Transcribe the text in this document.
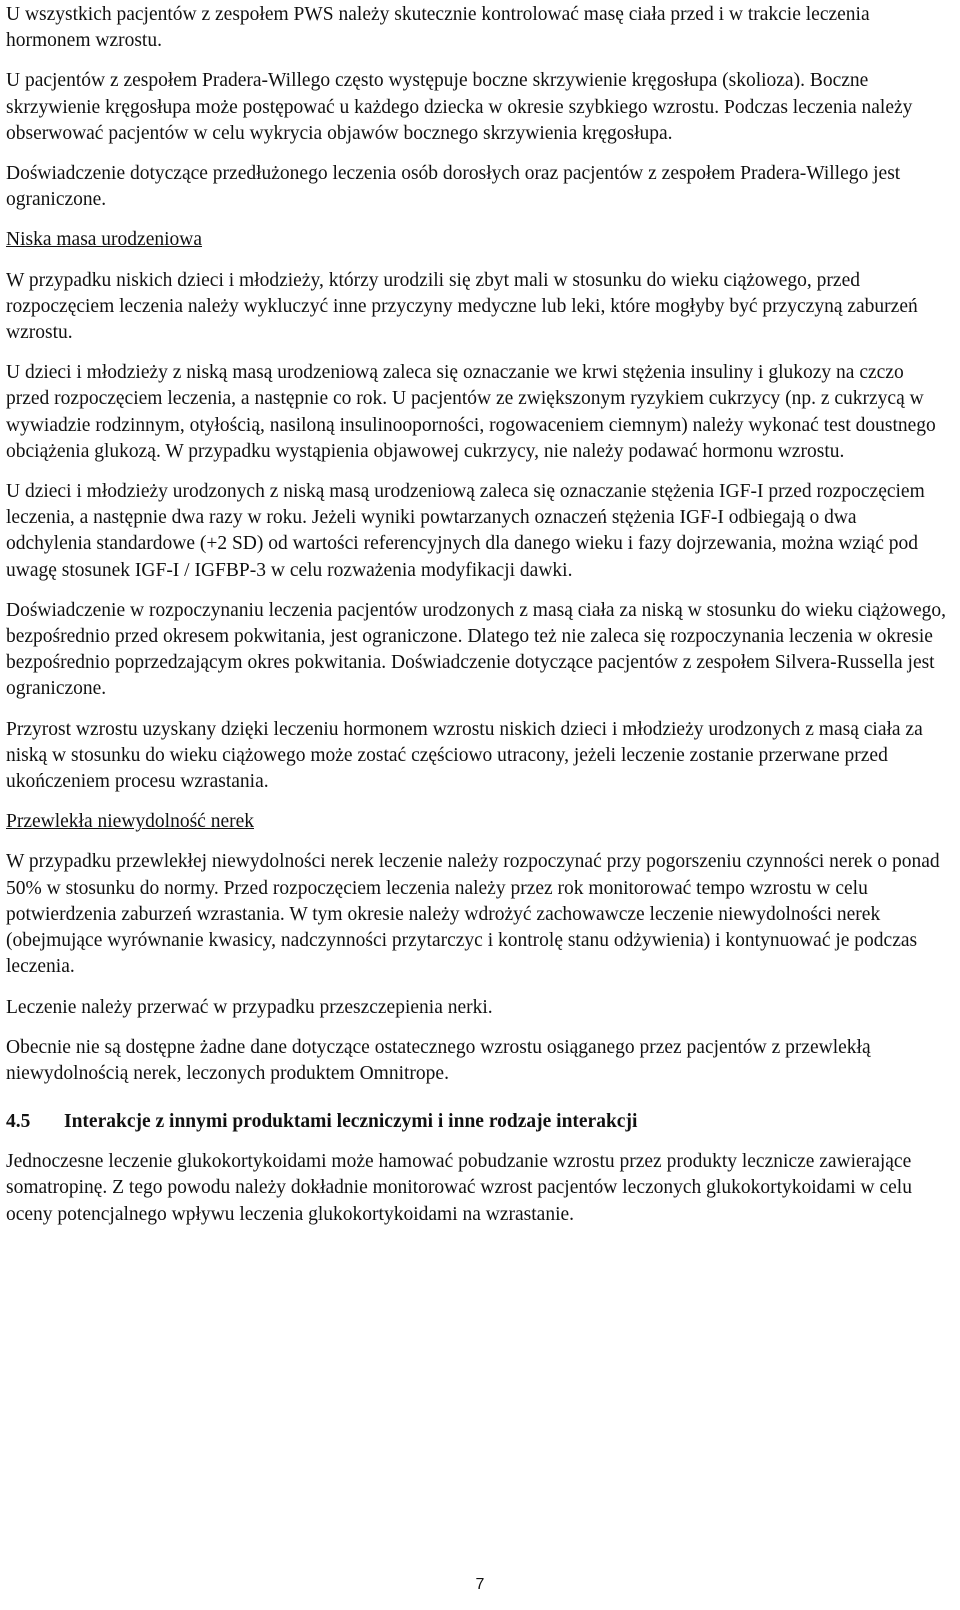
U wszystkich pacjentów z zespołem PWS należy skutecznie kontrolować masę ciała przed i w trakcie leczenia hormonem wzrostu.

U pacjentów z zespołem Pradera-Willego często występuje boczne skrzywienie kręgosłupa (skolioza). Boczne skrzywienie kręgosłupa może postępować u każdego dziecka w okresie szybkiego wzrostu. Podczas leczenia należy obserwować pacjentów w celu wykrycia objawów bocznego skrzywienia kręgosłupa.

Doświadczenie dotyczące przedłużonego leczenia osób dorosłych oraz pacjentów z zespołem Pradera-Willego jest ograniczone.

Niska masa urodzeniowa

W przypadku niskich dzieci i młodzieży, którzy urodzili się zbyt mali w stosunku do wieku ciążowego, przed rozpoczęciem leczenia należy wykluczyć inne przyczyny medyczne lub leki, które mogłyby być przyczyną zaburzeń wzrostu.

U dzieci i młodzieży z niską masą urodzeniową zaleca się oznaczanie we krwi stężenia insuliny i glukozy na czczo przed rozpoczęciem leczenia, a następnie co rok. U pacjentów ze zwiększonym ryzykiem cukrzycy (np. z cukrzycą w wywiadzie rodzinnym, otyłością, nasiloną insulinooporności, rogowaceniem ciemnym) należy wykonać test doustnego obciążenia glukozą. W przypadku wystąpienia objawowej cukrzycy, nie należy podawać hormonu wzrostu.

U dzieci i młodzieży urodzonych z niską masą urodzeniową zaleca się oznaczanie stężenia IGF-I przed rozpoczęciem leczenia, a następnie dwa razy w roku. Jeżeli wyniki powtarzanych oznaczeń stężenia IGF-I odbiegają o dwa odchylenia standardowe (+2 SD) od wartości referencyjnych dla danego wieku i fazy dojrzewania, można wziąć pod uwagę stosunek IGF-I / IGFBP-3 w celu rozważenia modyfikacji dawki.

Doświadczenie w rozpoczynaniu leczenia pacjentów urodzonych z masą ciała za niską w stosunku do wieku ciążowego, bezpośrednio przed okresem pokwitania, jest ograniczone. Dlatego też nie zaleca się rozpoczynania leczenia w okresie bezpośrednio poprzedzającym okres pokwitania. Doświadczenie dotyczące pacjentów z zespołem Silvera-Russella jest ograniczone.

Przyrost wzrostu uzyskany dzięki leczeniu hormonem wzrostu niskich dzieci i młodzieży urodzonych z masą ciała za niską w stosunku do wieku ciążowego może zostać częściowo utracony, jeżeli leczenie zostanie przerwane przed ukończeniem procesu wzrastania.

Przewlekła niewydolność nerek

W przypadku przewlekłej niewydolności nerek leczenie należy rozpoczynać przy pogorszeniu czynności nerek o ponad 50% w stosunku do normy. Przed rozpoczęciem leczenia należy przez rok monitorować tempo wzrostu w celu potwierdzenia zaburzeń wzrastania. W tym okresie należy wdrożyć zachowawcze leczenie niewydolności nerek (obejmujące wyrównanie kwasicy, nadczynności przytarczyc i kontrolę stanu odżywienia) i kontynuować je podczas leczenia.

Leczenie należy przerwać w przypadku przeszczepienia nerki.

Obecnie nie są dostępne żadne dane dotyczące ostatecznego wzrostu osiąganego przez pacjentów z przewlekłą niewydolnością nerek, leczonych produktem Omnitrope.

4.5	Interakcje z innymi produktami leczniczymi i inne rodzaje interakcji

Jednoczesne leczenie glukokortykoidami może hamować pobudzanie wzrostu przez produkty lecznicze zawierające somatropinę. Z tego powodu należy dokładnie monitorować wzrost pacjentów leczonych glukokortykoidami w celu oceny potencjalnego wpływu leczenia glukokortykoidami na wzrastanie.

7
